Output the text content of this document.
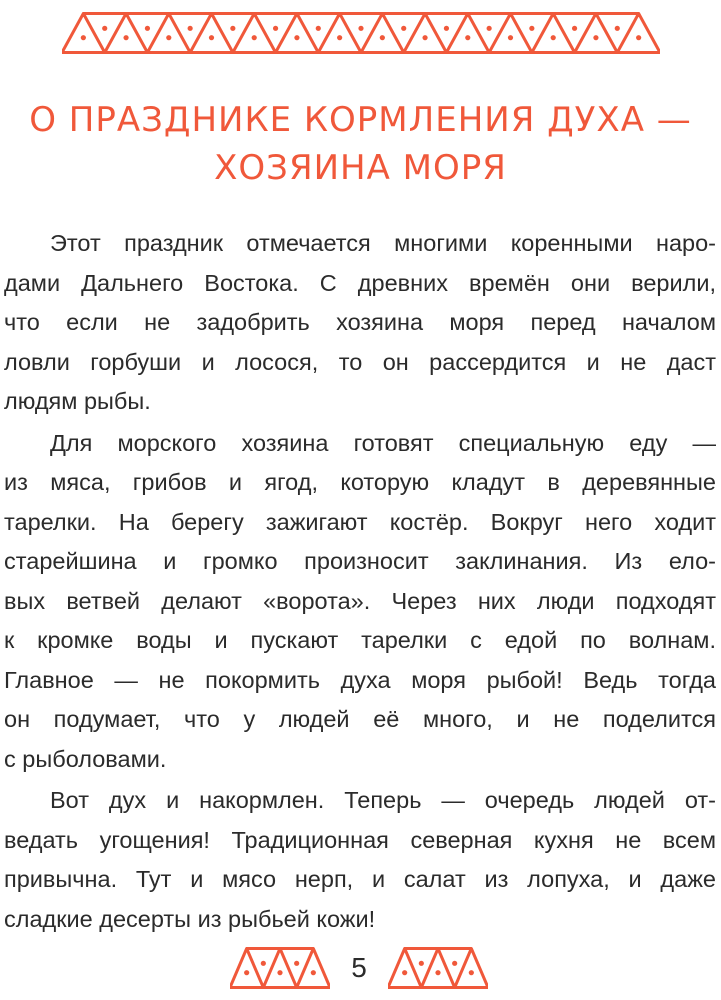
О ПРАЗДНИКЕ КОРМЛЕНИЯ ДУХА —
ХОЗЯИНА МОРЯ

Этот праздник отмечается многими коренными наро-
дами Дальнего Востока. С древних времён они верили,
что если не задобрить хозяина моря перед началом
ловли горбуши и лосося, то он рассердится и не даст
людям рыбы.

Для морского хозяина готовят специальную еду —
из мяса, грибов и ягод, которую кладут в деревянные
тарелки. На берегу зажигают костёр. Вокруг него ходит
старейшина и громко произносит заклинания. Из ело-
вых ветвей делают «ворота». Через них люди подходят
к кромке воды и пускают тарелки с едой по волнам.
Главное — не покормить духа моря рыбой! Ведь тогда
он подумает, что у людей её много, и не поделится
с рыболовами.

Вот дух и накормлен. Теперь — очередь людей от-
ведать угощения! Традиционная северная кухня не всем
привычна. Тут и мясо нерп, и салат из лопуха, и даже
сладкие десерты из рыбьей кожи!

5
